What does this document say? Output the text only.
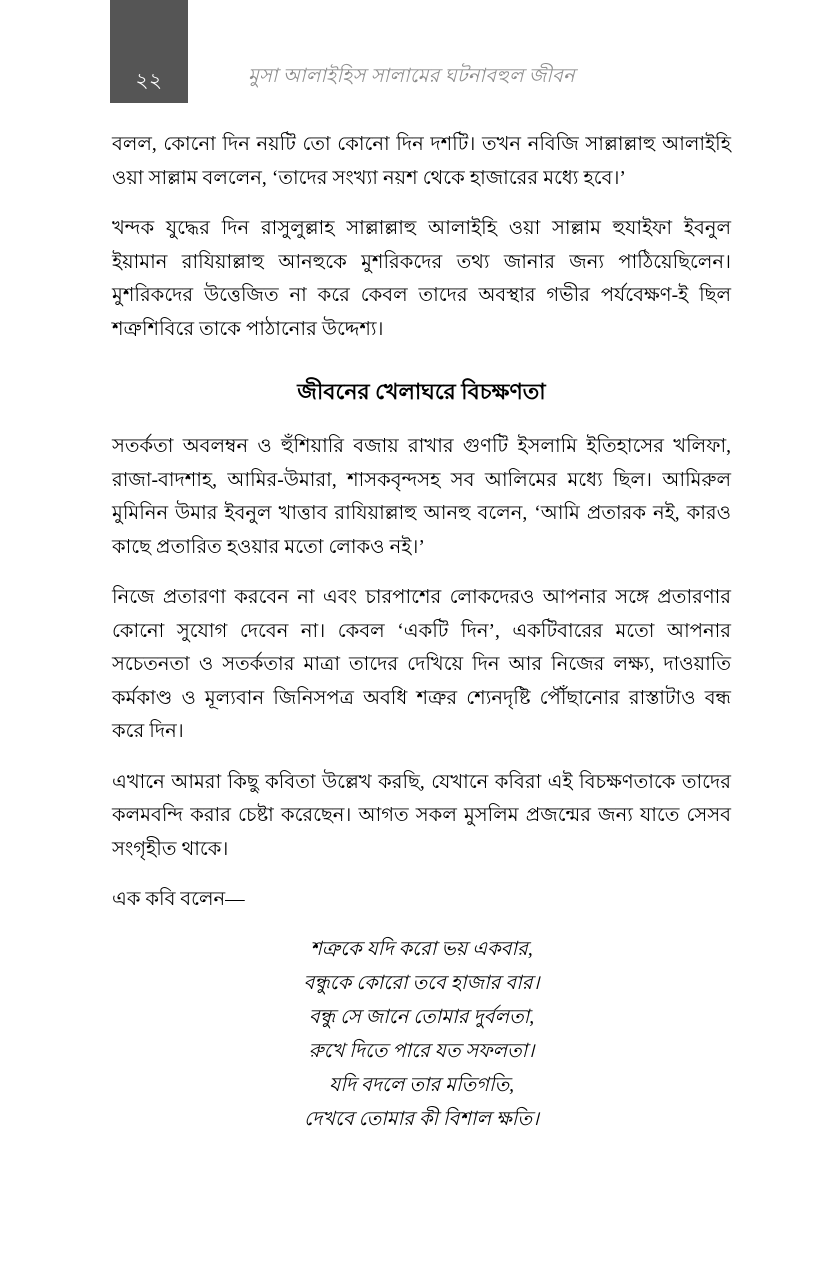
২২	মুসা আলাইহিস সালামের ঘটনাবহুল জীবন

বলল, কোনো দিন নয়টি তো কোনো দিন দশটি। তখন নবিজি সাল্লাল্লাহু আলাইহি ওয়া সাল্লাম বললেন, ‘তাদের সংখ্যা নয়শ থেকে হাজারের মধ্যে হবে।’

খন্দক যুদ্ধের দিন রাসুলুল্লাহ সাল্লাল্লাহু আলাইহি ওয়া সাল্লাম হুযাইফা ইবনুল ইয়ামান রাযিয়াল্লাহু আনহুকে মুশরিকদের তথ্য জানার জন্য পাঠিয়েছিলেন। মুশরিকদের উত্তেজিত না করে কেবল তাদের অবস্থার গভীর পর্যবেক্ষণ-ই ছিল শত্রুশিবিরে তাকে পাঠানোর উদ্দেশ্য।

জীবনের খেলাঘরে বিচক্ষণতা

সতর্কতা অবলম্বন ও হুঁশিয়ারি বজায় রাখার গুণটি ইসলামি ইতিহাসের খলিফা, রাজা-বাদশাহ, আমির-উমারা, শাসকবৃন্দসহ সব আলিমের মধ্যে ছিল। আমিরুল মুমিনিন উমার ইবনুল খাত্তাব রাযিয়াল্লাহু আনহু বলেন, ‘আমি প্রতারক নই, কারও কাছে প্রতারিত হওয়ার মতো লোকও নই।’

নিজে প্রতারণা করবেন না এবং চারপাশের লোকদেরও আপনার সঙ্গে প্রতারণার কোনো সুযোগ দেবেন না। কেবল ‘একটি দিন’, একটিবারের মতো আপনার সচেতনতা ও সতর্কতার মাত্রা তাদের দেখিয়ে দিন আর নিজের লক্ষ্য, দাওয়াতি কর্মকাণ্ড ও মূল্যবান জিনিসপত্র অবধি শত্রুর শ্যেনদৃষ্টি পৌঁছানোর রাস্তাটাও বন্ধ করে দিন।

এখানে আমরা কিছু কবিতা উল্লেখ করছি, যেখানে কবিরা এই বিচক্ষণতাকে তাদের কলমবন্দি করার চেষ্টা করেছেন। আগত সকল মুসলিম প্রজন্মের জন্য যাতে সেসব সংগৃহীত থাকে।

এক কবি বলেন—

শত্রুকে যদি করো ভয় একবার,
বন্ধুকে কোরো তবে হাজার বার।
বন্ধু সে জানে তোমার দুর্বলতা,
রুখে দিতে পারে যত সফলতা।
যদি বদলে তার মতিগতি,
দেখবে তোমার কী বিশাল ক্ষতি।
